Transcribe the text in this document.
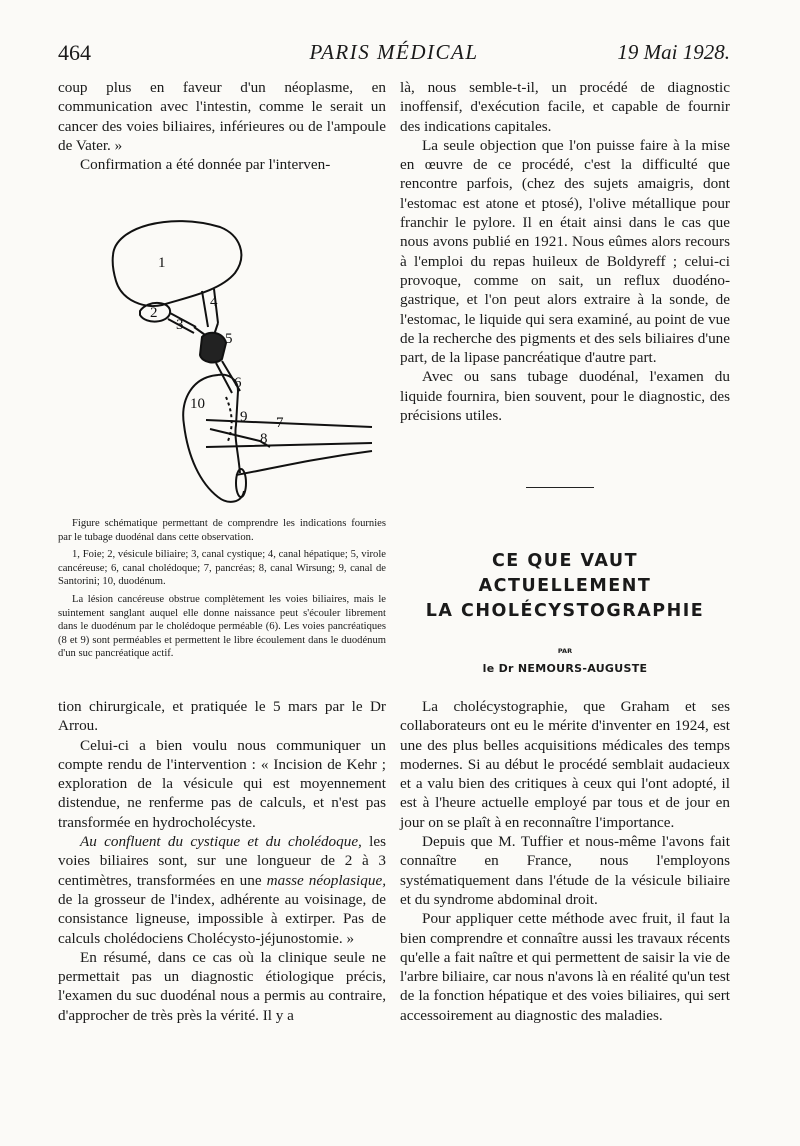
464	PARIS MÉDICAL	19 Mai 1928.

coup plus en faveur d'un néoplasme, en communication avec l'intestin, comme le serait un cancer des voies biliaires, inférieures ou de l'ampoule de Vater. »

Confirmation a été donnée par l'interven-

1
2
3
4
5
6
7
8
9
10

Figure schématique permettant de comprendre les indications fournies par le tubage duodénal dans cette observation.

1, Foie; 2, vésicule biliaire; 3, canal cystique; 4, canal hépatique; 5, virole cancéreuse; 6, canal cholédoque; 7, pancréas; 8, canal Wirsung; 9, canal de Santorini; 10, duodénum.

La lésion cancéreuse obstrue complètement les voies biliaires, mais le suintement sanglant auquel elle donne naissance peut s'écouler librement dans le duodénum par le cholédoque perméable (6). Les voies pancréatiques (8 et 9) sont perméables et permettent le libre écoulement dans le duodénum d'un suc pancréatique actif.

là, nous semble-t-il, un procédé de diagnostic inoffensif, d'exécution facile, et capable de fournir des indications capitales.

La seule objection que l'on puisse faire à la mise en œuvre de ce procédé, c'est la difficulté que rencontre parfois, (chez des sujets amaigris, dont l'estomac est atone et ptosé), l'olive métallique pour franchir le pylore. Il en était ainsi dans le cas que nous avons publié en 1921. Nous eûmes alors recours à l'emploi du repas huileux de Boldyreff ; celui-ci provoque, comme on sait, un reflux duodéno-gastrique, et l'on peut alors extraire à la sonde, de l'estomac, le liquide qui sera examiné, au point de vue de la recherche des pigments et des sels biliaires d'une part, de la lipase pancréatique d'autre part.

Avec ou sans tubage duodénal, l'examen du liquide fournira, bien souvent, pour le diagnostic, des précisions utiles.

CE QUE VAUT
ACTUELLEMENT
LA CHOLÉCYSTOGRAPHIE
PAR
le Dr NEMOURS-AUGUSTE

tion chirurgicale, et pratiquée le 5 mars par le Dr Arrou.

Celui-ci a bien voulu nous communiquer un compte rendu de l'intervention : « Incision de Kehr ; exploration de la vésicule qui est moyennement distendue, ne renferme pas de calculs, et n'est pas transformée en hydrocholécyste.

Au confluent du cystique et du cholédoque, les voies biliaires sont, sur une longueur de 2 à 3 centimètres, transformées en une masse néoplasique, de la grosseur de l'index, adhérente au voisinage, de consistance ligneuse, impossible à extirper. Pas de calculs cholédociens Cholécysto-jéjunostomie. »

En résumé, dans ce cas où la clinique seule ne permettait pas un diagnostic étiologique précis, l'examen du suc duodénal nous a permis au contraire, d'approcher de très près la vérité. Il y a

La cholécystographie, que Graham et ses collaborateurs ont eu le mérite d'inventer en 1924, est une des plus belles acquisitions médicales des temps modernes. Si au début le procédé semblait audacieux et a valu bien des critiques à ceux qui l'ont adopté, il est à l'heure actuelle employé par tous et de jour en jour on se plaît à en reconnaître l'importance.

Depuis que M. Tuffier et nous-même l'avons fait connaître en France, nous l'employons systématiquement dans l'étude de la vésicule biliaire et du syndrome abdominal droit.

Pour appliquer cette méthode avec fruit, il faut la bien comprendre et connaître aussi les travaux récents qu'elle a fait naître et qui permettent de saisir la vie de l'arbre biliaire, car nous n'avons là en réalité qu'un test de la fonction hépatique et des voies biliaires, qui sert accessoirement au diagnostic des maladies.
